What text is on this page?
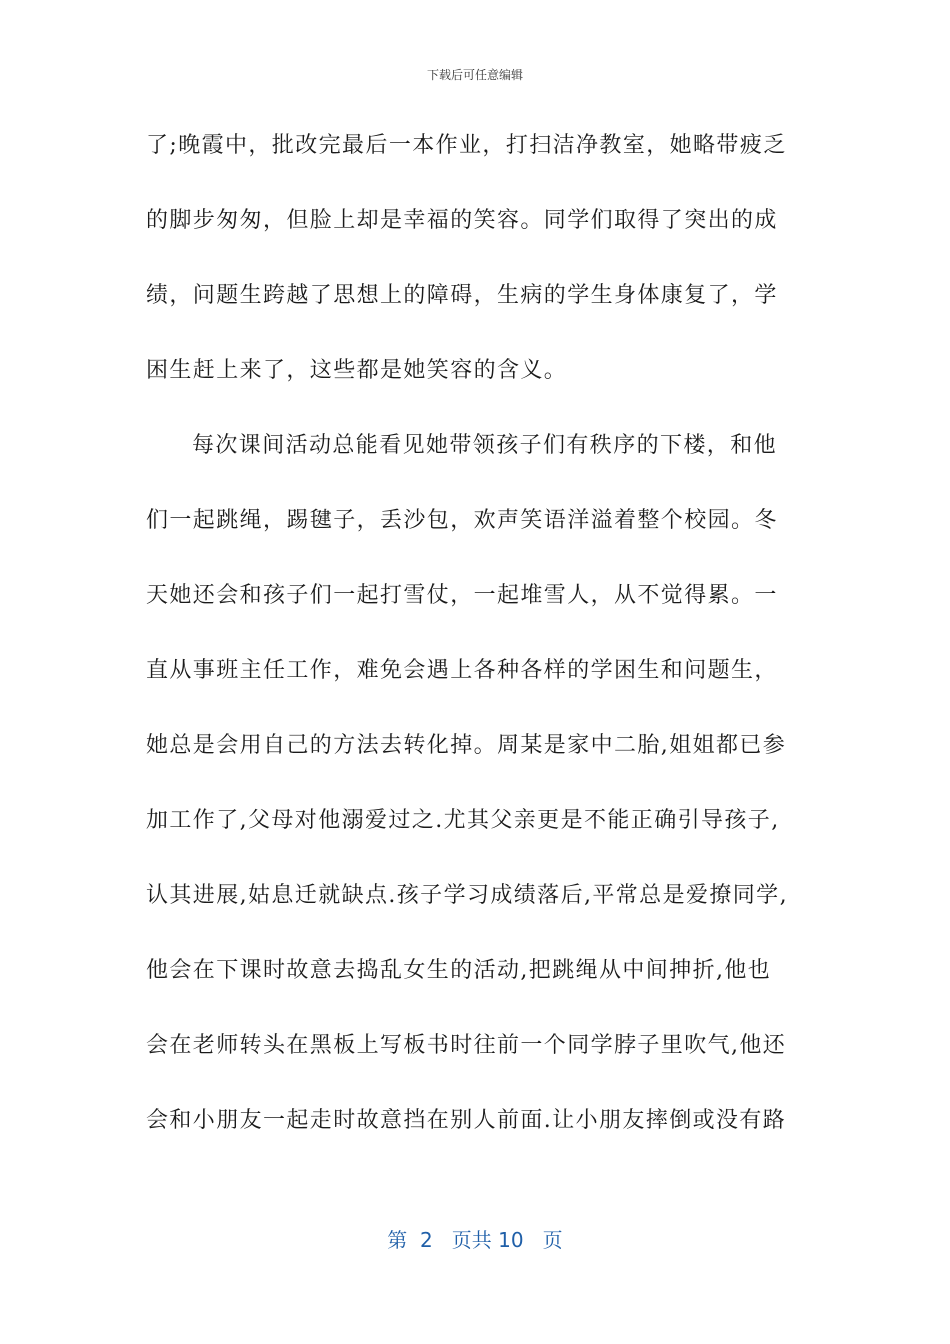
下载后可任意编辑
了;晚霞中，批改完最后一本作业，打扫洁净教室，她略带疲乏
的脚步匆匆，但脸上却是幸福的笑容。同学们取得了突出的成
绩，问题生跨越了思想上的障碍，生病的学生身体康复了，学
困生赶上来了，这些都是她笑容的含义。
每次课间活动总能看见她带领孩子们有秩序的下楼，和他
们一起跳绳，踢毽子，丢沙包，欢声笑语洋溢着整个校园。冬
天她还会和孩子们一起打雪仗，一起堆雪人，从不觉得累。一
直从事班主任工作，难免会遇上各种各样的学困生和问题生，
她总是会用自己的方法去转化掉。周某是家中二胎,姐姐都已参
加工作了,父母对他溺爱过之.尤其父亲更是不能正确引导孩子,
认其进展,姑息迁就缺点.孩子学习成绩落后,平常总是爱撩同学,
他会在下课时故意去捣乱女生的活动,把跳绳从中间抻折,他也
会在老师转头在黑板上写板书时往前一个同学脖子里吹气,他还
会和小朋友一起走时故意挡在别人前面.让小朋友摔倒或没有路
第  2   页共 10   页
